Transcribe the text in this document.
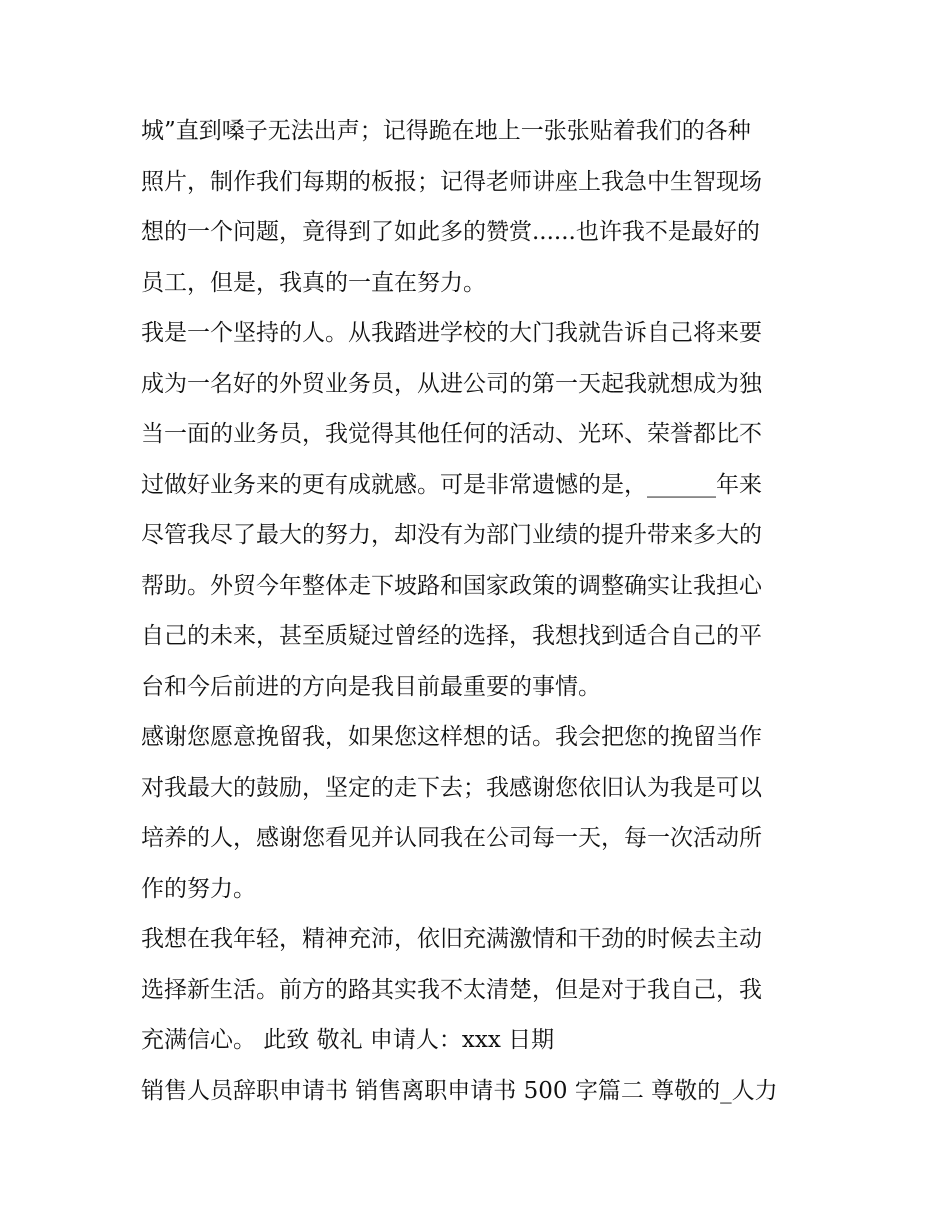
城”直到嗓子无法出声；记得跪在地上一张张贴着我们的各种
照片，制作我们每期的板报；记得老师讲座上我急中生智现场
想的一个问题，竟得到了如此多的赞赏......也许我不是最好的
员工，但是，我真的一直在努力。
我是一个坚持的人。从我踏进学校的大门我就告诉自己将来要
成为一名好的外贸业务员，从进公司的第一天起我就想成为独
当一面的业务员，我觉得其他任何的活动、光环、荣誉都比不
过做好业务来的更有成就感。可是非常遗憾的是，______年来
尽管我尽了最大的努力，却没有为部门业绩的提升带来多大的
帮助。外贸今年整体走下坡路和国家政策的调整确实让我担心
自己的未来，甚至质疑过曾经的选择，我想找到适合自己的平
台和今后前进的方向是我目前最重要的事情。
感谢您愿意挽留我，如果您这样想的话。我会把您的挽留当作
对我最大的鼓励，坚定的走下去；我感谢您依旧认为我是可以
培养的人，感谢您看见并认同我在公司每一天，每一次活动所
作的努力。
我想在我年轻，精神充沛，依旧充满激情和干劲的时候去主动
选择新生活。前方的路其实我不太清楚，但是对于我自己，我
充满信心。 此致 敬礼 申请人：xxx 日期
销售人员辞职申请书 销售离职申请书 500 字篇二 尊敬的_人力
